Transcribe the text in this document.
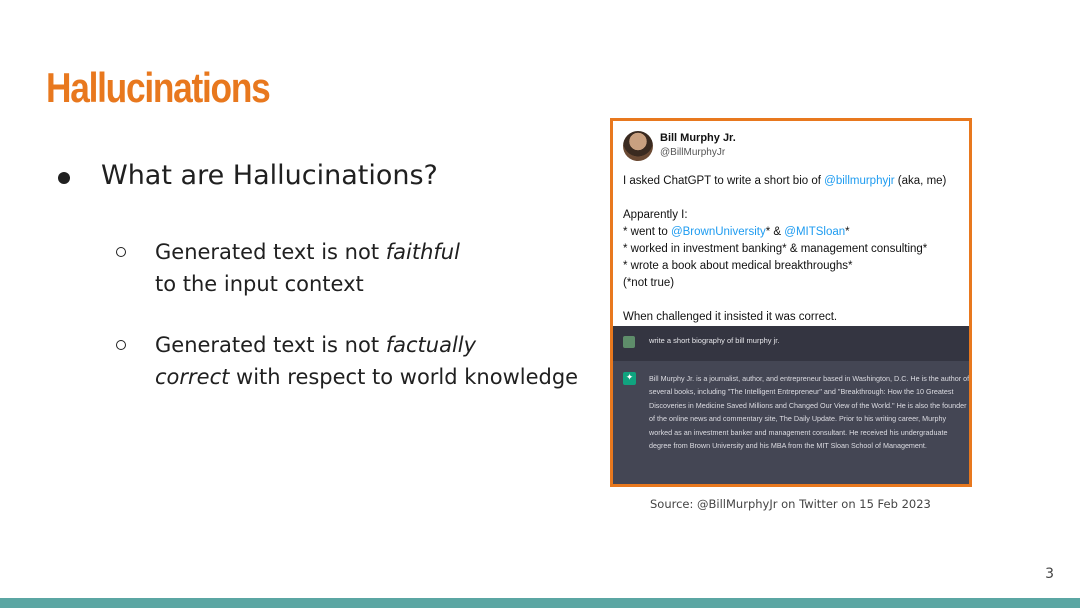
Hallucinations
What are Hallucinations?
Generated text is not faithful
to the input context
Generated text is not factually
correct with respect to world knowledge
Bill Murphy Jr.
@BillMurphyJr

I asked ChatGPT to write a short bio of @billmurphyjr (aka, me)

Apparently I:

* went to @BrownUniversity* & @MITSloan*

* worked in investment banking* & management consulting*

* wrote a book about medical breakthroughs*

(*not true)

When challenged it insisted it was correct.

write a short biography of bill murphy jr.
✦	Bill Murphy Jr. is a journalist, author, and entrepreneur based in Washington, D.C. He is the author of several books, including "The Intelligent Entrepreneur" and "Breakthrough: How the 10 Greatest Discoveries in Medicine Saved Millions and Changed Our View of the World." He is also the founder of the online news and commentary site, The Daily Update. Prior to his writing career, Murphy worked as an investment banker and management consultant. He received his undergraduate degree from Brown University and his MBA from the MIT Sloan School of Management.
Source: @BillMurphyJr on Twitter on 15 Feb 2023
3
